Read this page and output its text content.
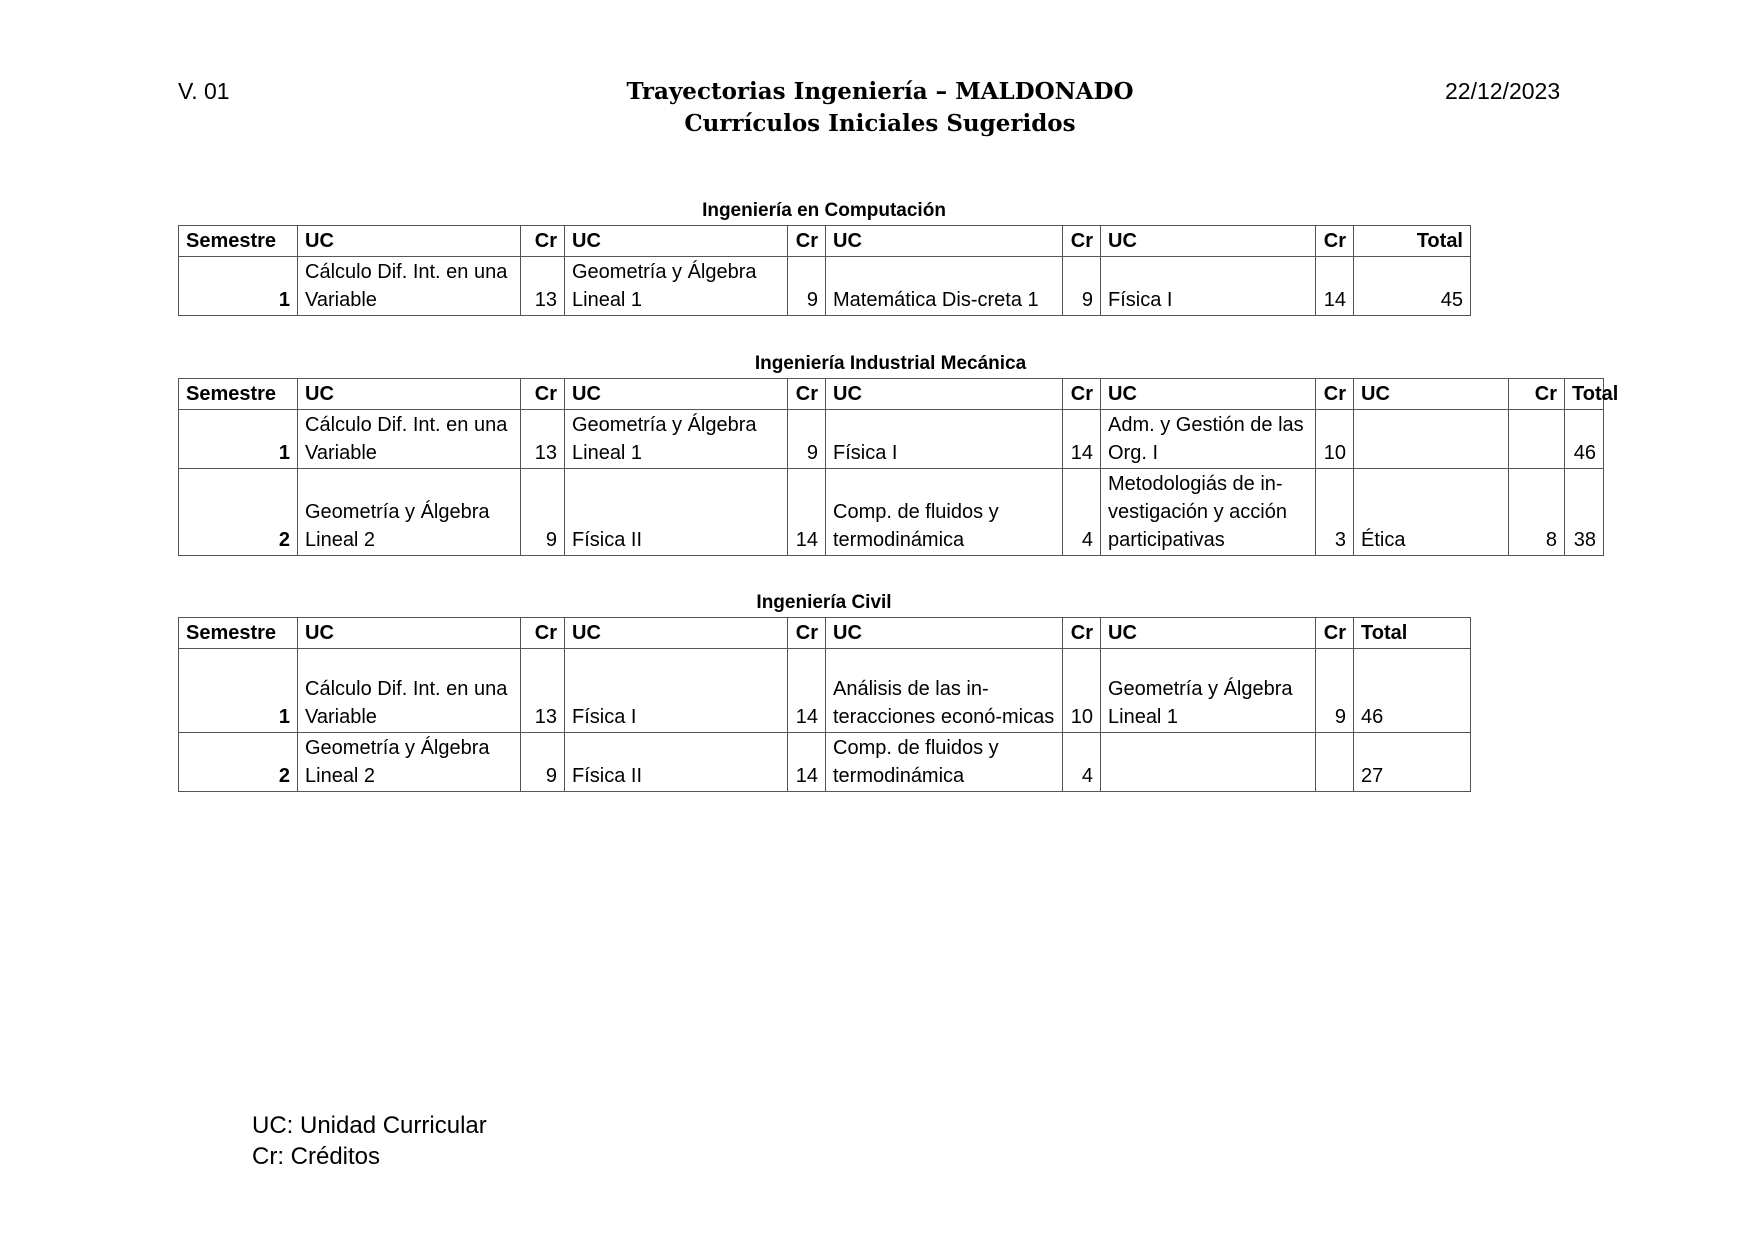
V. 01	Trayectorias Ingeniería – MALDONADO
Currículos Iniciales Sugeridos
22/12/2023
Ingeniería en Computación
Semestre	UC	Cr	UC	Cr	UC	Cr	UC	Cr	Total
1	Cálculo Dif. Int. en una Variable	13	Geometría y Álgebra Lineal 1	9	Matemática Dis-creta 1	9	Física I	14	45
Ingeniería Industrial Mecánica
Semestre	UC	Cr	UC	Cr	UC	Cr	UC	Cr	UC	Cr	Total
1	Cálculo Dif. Int. en una Variable	13	Geometría y Álgebra Lineal 1	9	Física I	14	Adm. y Gestión de las Org. I	10			46
2	Geometría y Álgebra Lineal 2	9	Física II	14	Comp. de fluidos y termodinámica	4	Metodologiás de in-vestigación y acción participativas	3	Ética	8	38
Ingeniería Civil
Semestre	UC	Cr	UC	Cr	UC	Cr	UC	Cr	Total
1	Cálculo Dif. Int. en una Variable	13	Física I	14	Análisis de las in-teracciones econó-micas	10	Geometría y Álgebra Lineal 1	9	46
2	Geometría y Álgebra Lineal 2	9	Física II	14	Comp. de fluidos y termodinámica	4			27
UC: Unidad Curricular
Cr: Créditos
